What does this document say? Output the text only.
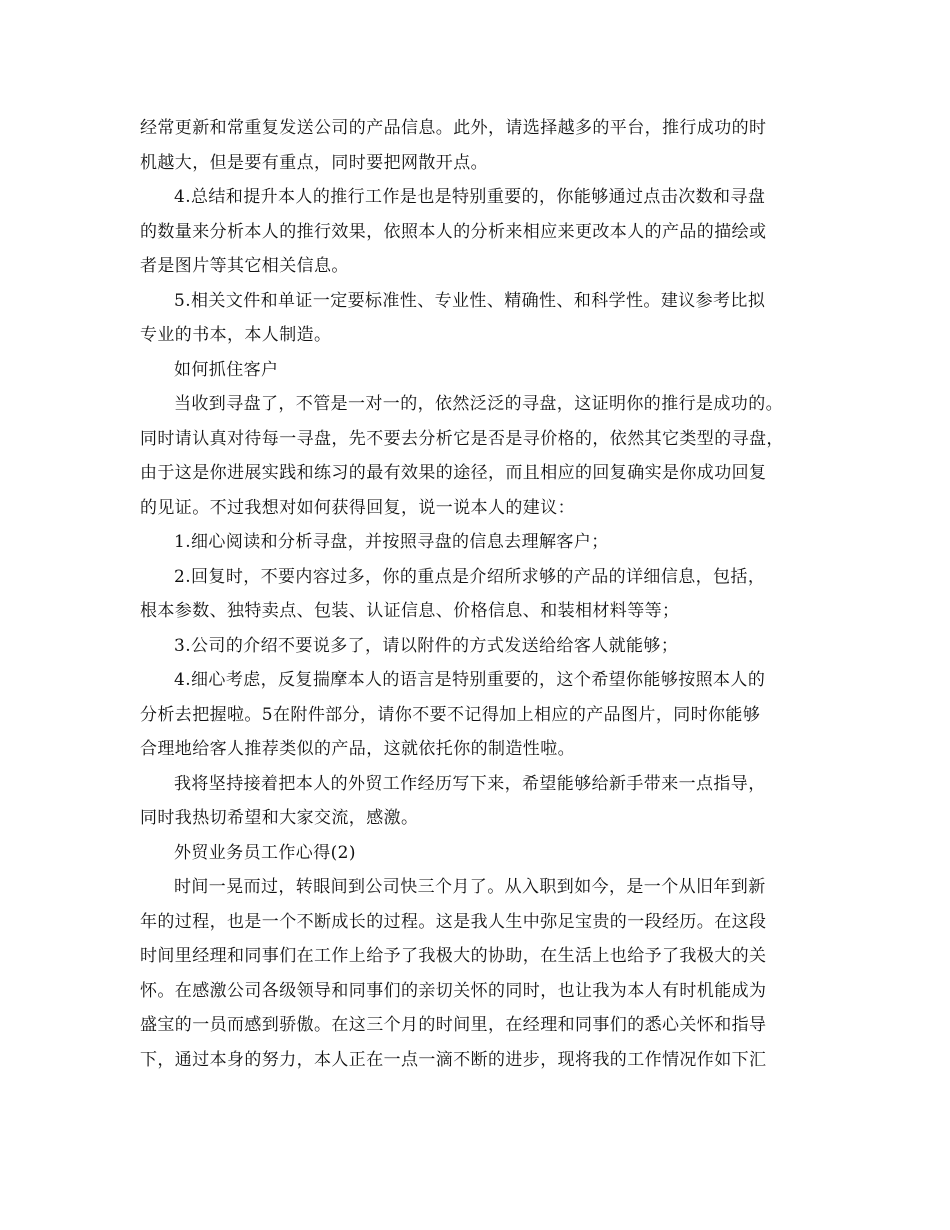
经常更新和常重复发送公司的产品信息。此外，请选择越多的平台，推行成功的时
机越大，但是要有重点，同时要把网散开点。
4.总结和提升本人的推行工作是也是特别重要的，你能够通过点击次数和寻盘
的数量来分析本人的推行效果，依照本人的分析来相应来更改本人的产品的描绘或
者是图片等其它相关信息。
5.相关文件和单证一定要标准性、专业性、精确性、和科学性。建议参考比拟
专业的书本，本人制造。
如何抓住客户
当收到寻盘了，不管是一对一的，依然泛泛的寻盘，这证明你的推行是成功的。
同时请认真对待每一寻盘，先不要去分析它是否是寻价格的，依然其它类型的寻盘，
由于这是你进展实践和练习的最有效果的途径，而且相应的回复确实是你成功回复
的见证。不过我想对如何获得回复，说一说本人的建议：
1.细心阅读和分析寻盘，并按照寻盘的信息去理解客户；
2.回复时，不要内容过多，你的重点是介绍所求够的产品的详细信息，包括，
根本参数、独特卖点、包装、认证信息、价格信息、和装相材料等等；
3.公司的介绍不要说多了，请以附件的方式发送给给客人就能够；
4.细心考虑，反复揣摩本人的语言是特别重要的，这个希望你能够按照本人的
分析去把握啦。5在附件部分，请你不要不记得加上相应的产品图片，同时你能够
合理地给客人推荐类似的产品，这就依托你的制造性啦。
我将坚持接着把本人的外贸工作经历写下来，希望能够给新手带来一点指导，
同时我热切希望和大家交流，感激。
外贸业务员工作心得(2)
时间一晃而过，转眼间到公司快三个月了。从入职到如今，是一个从旧年到新
年的过程，也是一个不断成长的过程。这是我人生中弥足宝贵的一段经历。在这段
时间里经理和同事们在工作上给予了我极大的协助，在生活上也给予了我极大的关
怀。在感激公司各级领导和同事们的亲切关怀的同时，也让我为本人有时机能成为
盛宝的一员而感到骄傲。在这三个月的时间里，在经理和同事们的悉心关怀和指导
下，通过本身的努力，本人正在一点一滴不断的进步，现将我的工作情况作如下汇
